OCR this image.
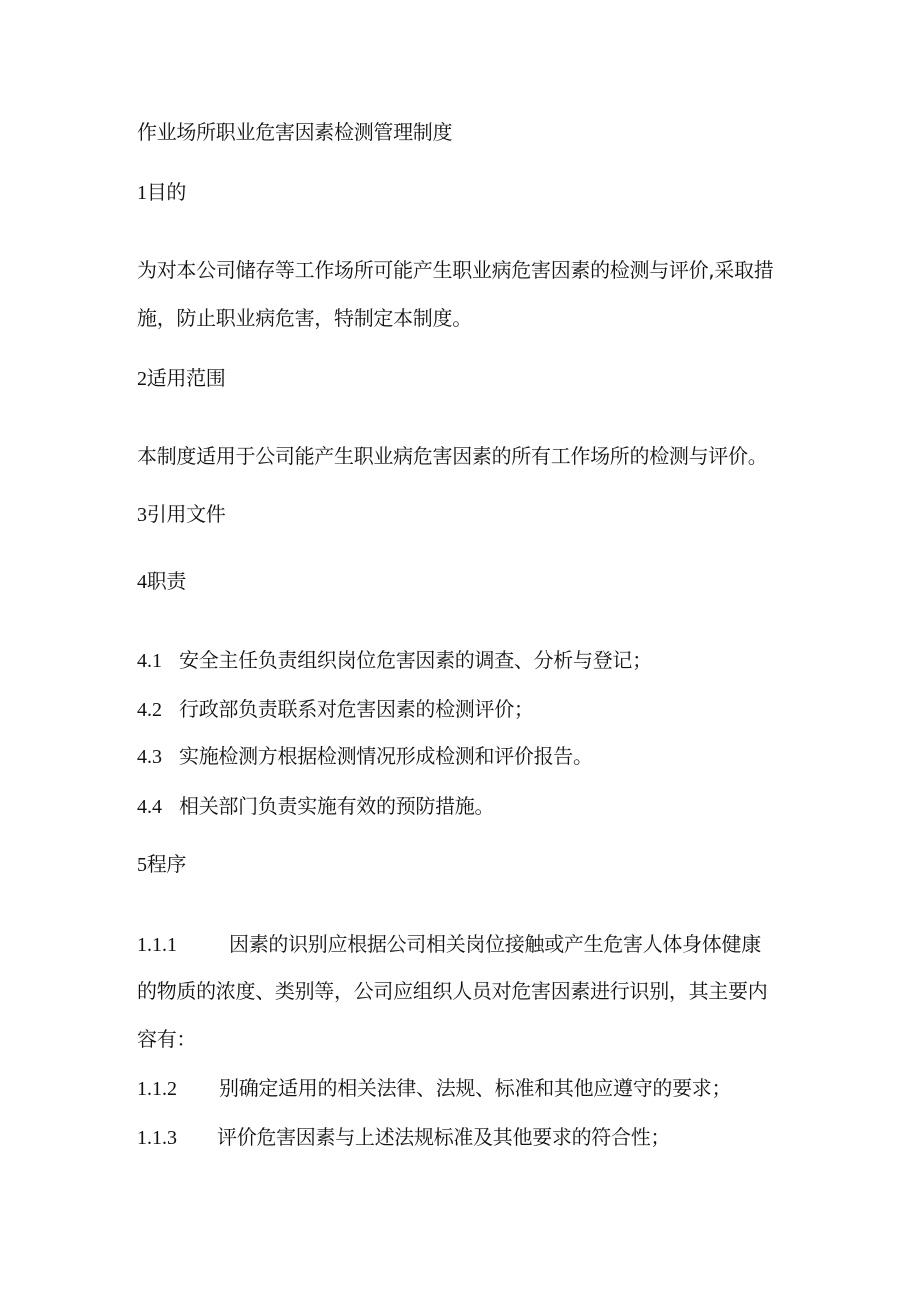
作业场所职业危害因素检测管理制度
1目的
为对本公司储存等工作场所可能产生职业病危害因素的检测与评价,采取措
施，防止职业病危害，特制定本制度。
2适用范围
本制度适用于公司能产生职业病危害因素的所有工作场所的检测与评价。
3引用文件
4职责
4.1 安全主任负责组织岗位危害因素的调查、分析与登记；
4.2 行政部负责联系对危害因素的检测评价；
4.3 实施检测方根据检测情况形成检测和评价报告。
4.4 相关部门负责实施有效的预防措施。
5程序
1.1.1	因素的识别应根据公司相关岗位接触或产生危害人体身体健康
的物质的浓度、类别等，公司应组织人员对危害因素进行识别，其主要内
容有：
1.1.2 别确定适用的相关法律、法规、标准和其他应遵守的要求；
1.1.3 评价危害因素与上述法规标准及其他要求的符合性；
